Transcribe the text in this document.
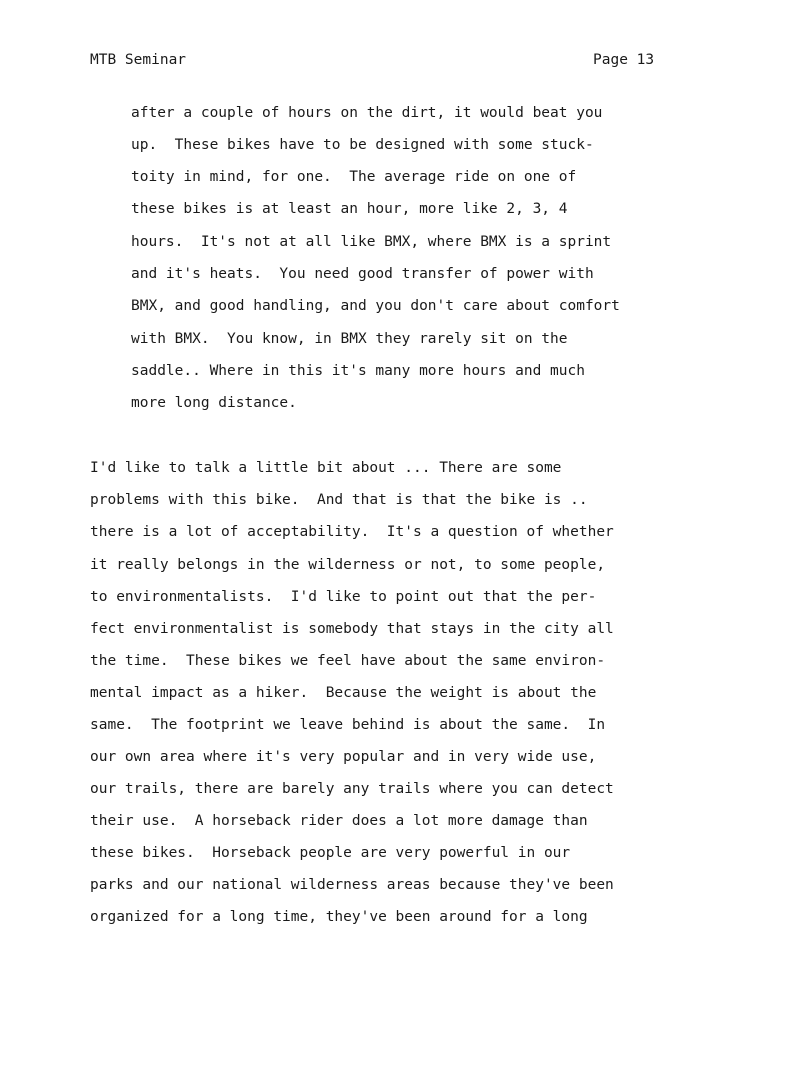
MTB Seminar	Page 13
after a couple of hours on the dirt, it would beat you
up.  These bikes have to be designed with some stuck-
toity in mind, for one.  The average ride on one of
these bikes is at least an hour, more like 2, 3, 4
hours.  It's not at all like BMX, where BMX is a sprint
and it's heats.  You need good transfer of power with
BMX, and good handling, and you don't care about comfort
with BMX.  You know, in BMX they rarely sit on the
saddle.. Where in this it's many more hours and much
more long distance.
I'd like to talk a little bit about ... There are some
problems with this bike.  And that is that the bike is ..
there is a lot of acceptability.  It's a question of whether
it really belongs in the wilderness or not, to some people,
to environmentalists.  I'd like to point out that the per-
fect environmentalist is somebody that stays in the city all
the time.  These bikes we feel have about the same environ-
mental impact as a hiker.  Because the weight is about the
same.  The footprint we leave behind is about the same.  In
our own area where it's very popular and in very wide use,
our trails, there are barely any trails where you can detect
their use.  A horseback rider does a lot more damage than
these bikes.  Horseback people are very powerful in our
parks and our national wilderness areas because they've been
organized for a long time, they've been around for a long
